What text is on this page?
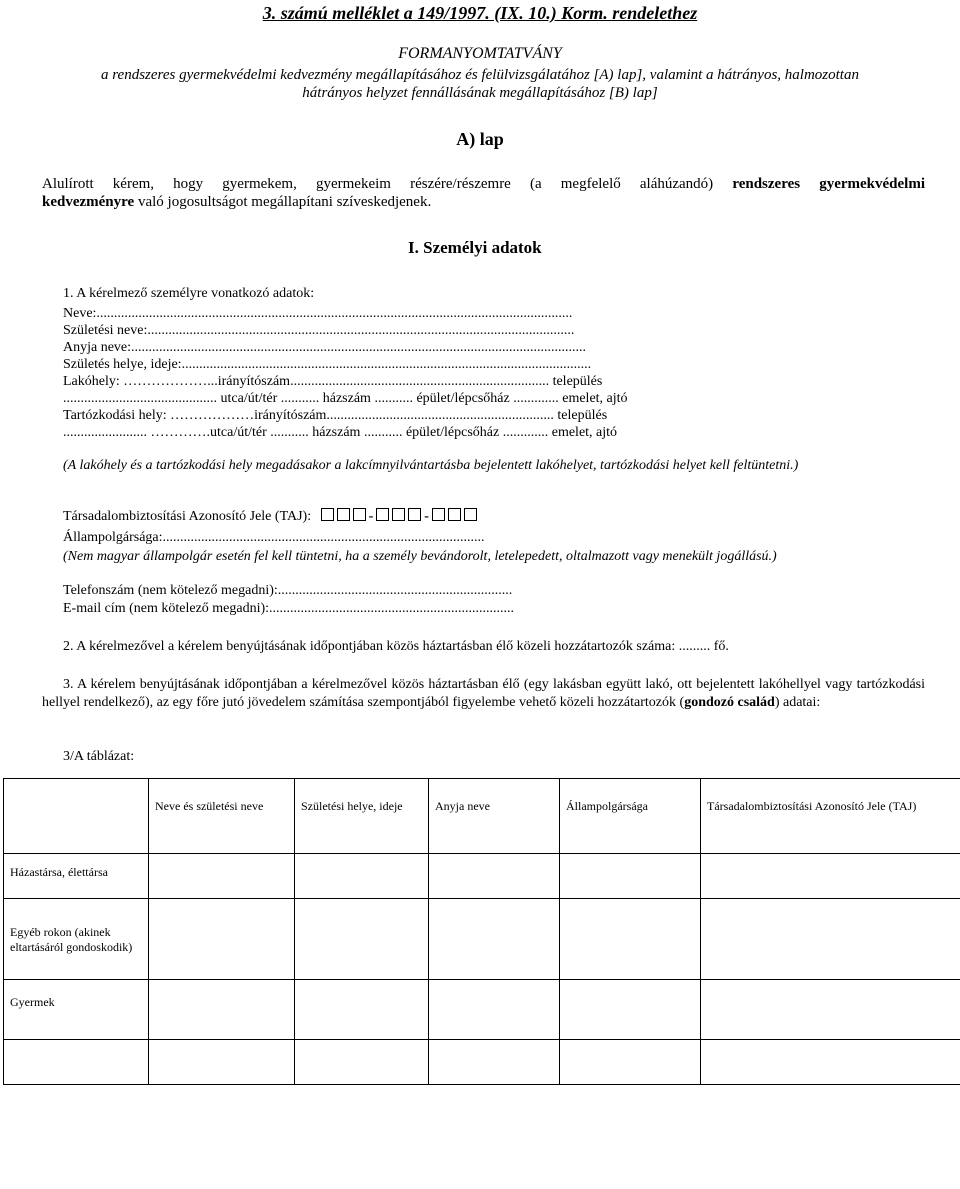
3. számú melléklet a 149/1997. (IX. 10.) Korm. rendelethez
FORMANYOMTATVÁNY
a rendszeres gyermekvédelmi kedvezmény megállapításához és felülvizsgálatához [A) lap], valamint a hátrányos, halmozottan
hátrányos helyzet fennállásának megállapításához [B) lap]
A) lap
Alulírott kérem, hogy gyermekem, gyermekeim részére/részemre (a megfelelő aláhúzandó) rendszeres gyermekvédelmi
kedvezményre való jogosultságot megállapítani szíveskedjenek.
I. Személyi adatok
1. A kérelmező személyre vonatkozó adatok:
Neve:........................................................................................................................................
Születési neve:..........................................................................................................................
Anyja neve:..................................................................................................................................
Születés helye, ideje:.....................................................................................................................
Lakóhely: ………………...irányítószám.......................................................................... település
............................................ utca/út/tér ........... házszám ........... épület/lépcsőház ............. emelet, ajtó
Tartózkodási hely: ………………irányítószám................................................................. település
........................ ………….utca/út/tér ........... házszám ........... épület/lépcsőház ............. emelet, ajtó
(A lakóhely és a tartózkodási hely megadásakor a lakcímnyilvántartásba bejelentett lakóhelyet, tartózkodási helyet kell feltüntetni.)
Társadalombiztosítási Azonosító Jele (TAJ):	-	-
Állampolgársága:............................................................................................
(Nem magyar állampolgár esetén fel kell tüntetni, ha a személy bevándorolt, letelepedett, oltalmazott vagy menekült jogállású.)
Telefonszám (nem kötelező megadni):...................................................................
E-mail cím (nem kötelező megadni):......................................................................
2. A kérelmezővel a kérelem benyújtásának időpontjában közös háztartásban élő közeli hozzátartozók száma: ......... fő.
3. A kérelem benyújtásának időpontjában a kérelmezővel közös háztartásban élő (egy lakásban együtt lakó, ott bejelentett lakóhellyel vagy tartózkodási hellyel rendelkező), az egy főre jutó jövedelem számítása szempontjából figyelembe vehető közeli hozzátartozók (gondozó család) adatai:
3/A táblázat:
	Neve és születési neve	Születési helye, ideje	Anyja neve	Állampolgársága	Társadalombiztosítási Azonosító Jele (TAJ)
Házastársa, élettársa					
Egyéb rokon (akinek eltartásáról gondoskodik)					
Gyermek					
